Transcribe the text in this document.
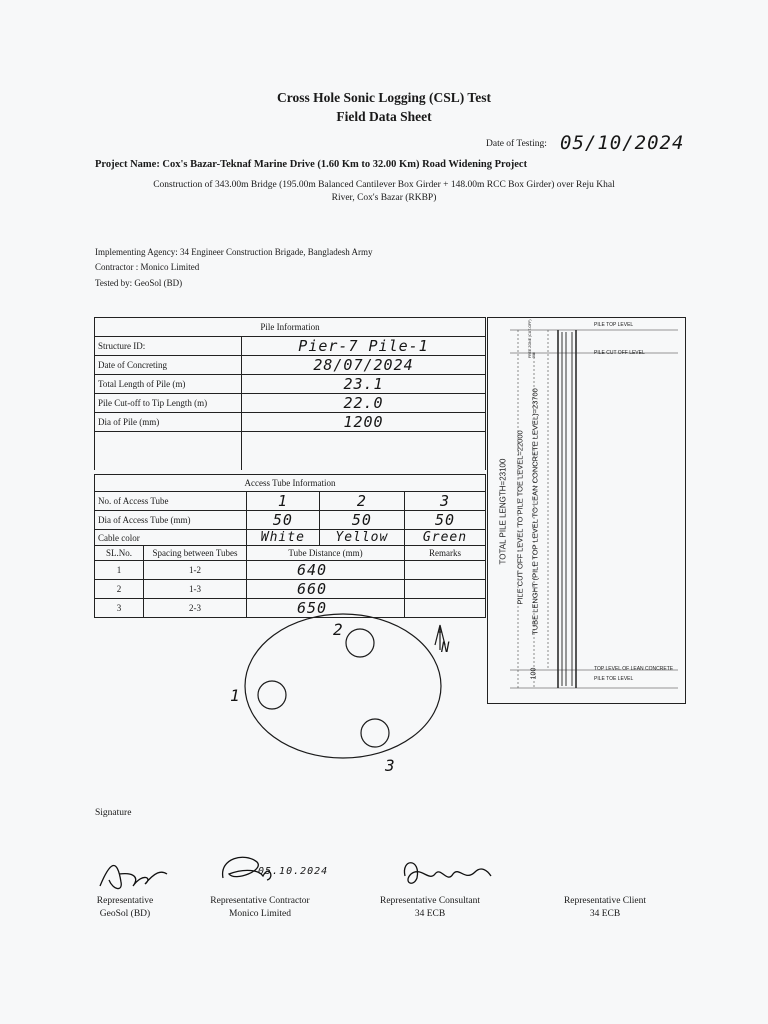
Cross Hole Sonic Logging (CSL) Test
Field Data Sheet
Date of Testing: 05/10/2024
Project Name: Cox's Bazar-Teknaf Marine Drive (1.60 Km to 32.00 Km) Road Widening Project
Construction of 343.00m Bridge (195.00m Balanced Cantilever Box Girder + 148.00m RCC Box Girder) over Reju Khal
River, Cox's Bazar (RKBP)
Implementing Agency: 34 Engineer Construction Brigade, Bangladesh Army
Contractor : Monico Limited
Tested by: GeoSol (BD)
Pile Information	
Structure ID:	Pier-7 Pile-1
Date of Concreting	28/07/2024
Total Length of Pile (m)	23.1
Pile Cut-off to Tip Length (m)	22.0
Dia of Pile (mm)	1200

Access Tube Information				
No. of Access Tube		1	2	3
Dia of Access Tube (mm)		50	50	50
Cable color		White	Yellow	Green
SL.No.	Spacing between Tubes	Tube Distance (mm)		Remarks
1	1-2	640		
2	1-3	660		
3	2-3	650		
PILE TOP LEVEL
PILE CUT OFF LEVEL
TOP LEVEL OF LEAN CONCRETE
PILE TOE LEVEL
TOTAL PILE LENGTH=23100 PILE CUT OFF LEVEL TO PILE TOE LEVEL=22000 TUBE LENGHT (PILE TOP LEVEL TO LEAN CONCRETE LEVEL)=23700
100
FREE ZONE (CUT-OFF) 300
2
1
3
N
Signature
05.10.2024
Representative
GeoSol (BD)
Representative Contractor
Monico Limited
Representative Consultant
34 ECB
Representative Client
34 ECB
